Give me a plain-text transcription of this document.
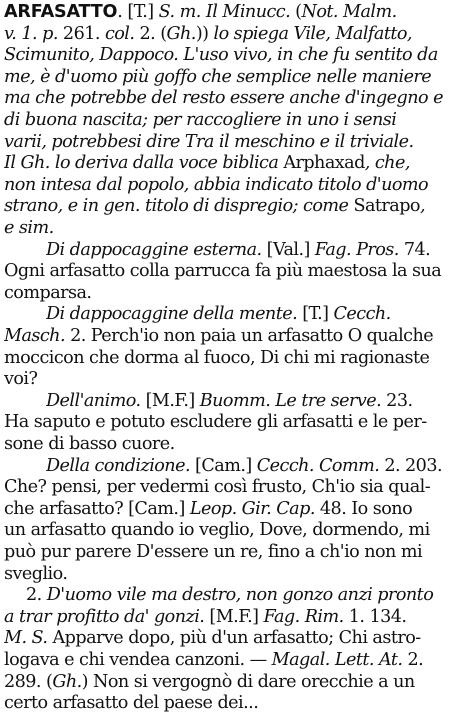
ARFASATTO. [T.] S. m. Il Minucc. (Not. Malm.
v. 1. p. 261. col. 2. (Gh.)) lo spiega Vile, Malfatto,
Scimunito, Dappoco. L'uso vivo, in che fu sentito da
me, è d'uomo più goffo che semplice nelle maniere
ma che potrebbe del resto essere anche d'ingegno e
di buona nascita; per raccogliere in uno i sensi
varii, potrebbesi dire Tra il meschino e il triviale.
Il Gh. lo deriva dalla voce biblica Arphaxad, che,
non intesa dal popolo, abbia indicato titolo d'uomo
strano, e in gen. titolo di dispregio; come Satrapo,
e sim.
Di dappocaggine esterna. [Val.] Fag. Pros. 74.
Ogni arfasatto colla parrucca fa più maestosa la sua
comparsa.
Di dappocaggine della mente. [T.] Cecch.
Masch. 2. Perch'io non paia un arfasatto O qualche
moccicon che dorma al fuoco, Di chi mi ragionaste
voi?
Dell'animo. [M.F.] Buomm. Le tre serve. 23.
Ha saputo e potuto escludere gli arfasatti e le per-
sone di basso cuore.
Della condizione. [Cam.] Cecch. Comm. 2. 203.
Che? pensi, per vedermi così frusto, Ch'io sia qual-
che arfasatto? [Cam.] Leop. Gir. Cap. 48. Io sono
un arfasatto quando io veglio, Dove, dormendo, mi
può pur parere D'essere un re, fino a ch'io non mi
sveglio.
2. D'uomo vile ma destro, non gonzo anzi pronto
a trar profitto da' gonzi. [M.F.] Fag. Rim. 1. 134.
M. S. Apparve dopo, più d'un arfasatto; Chi astro-
logava e chi vendea canzoni. — Magal. Lett. At. 2.
289. (Gh.) Non si vergognò di dare orecchie a un
certo arfasatto del paese dei...
